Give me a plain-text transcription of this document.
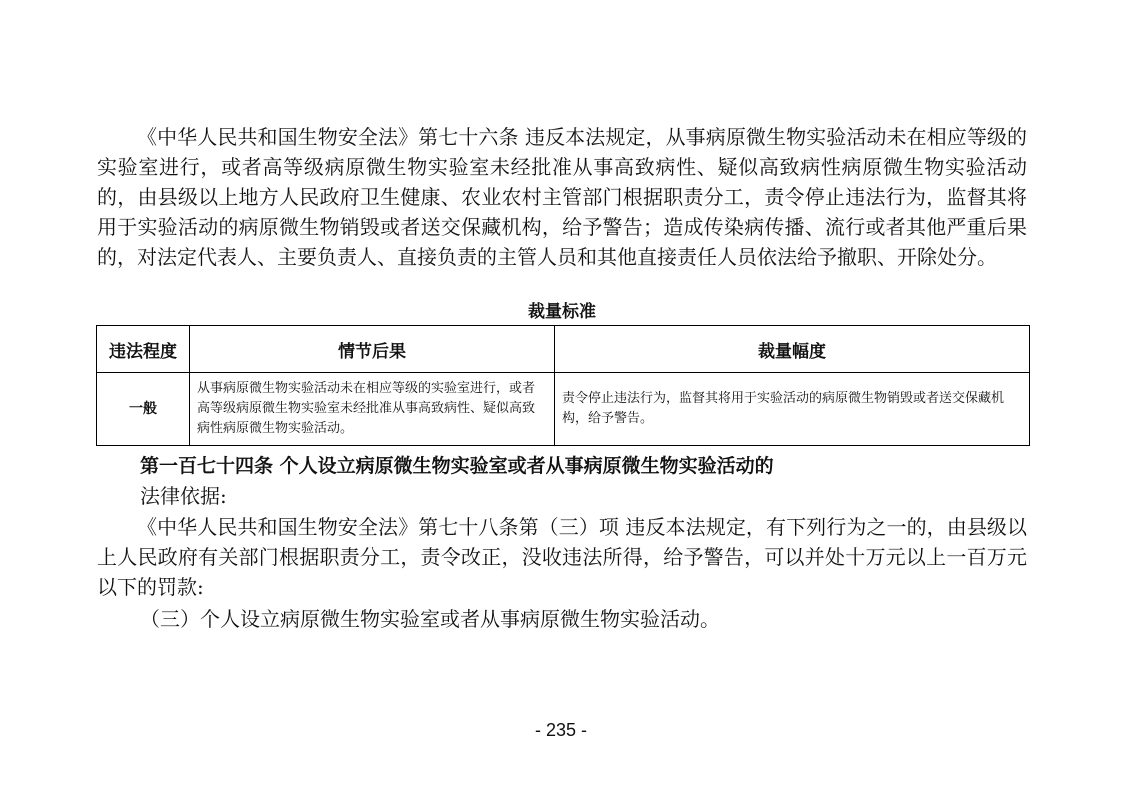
《中华人民共和国生物安全法》第七十六条 违反本法规定，从事病原微生物实验活动未在相应等级的实验室进行，或者高等级病原微生物实验室未经批准从事高致病性、疑似高致病性病原微生物实验活动的，由县级以上地方人民政府卫生健康、农业农村主管部门根据职责分工，责令停止违法行为，监督其将用于实验活动的病原微生物销毁或者送交保藏机构，给予警告；造成传染病传播、流行或者其他严重后果的，对法定代表人、主要负责人、直接负责的主管人员和其他直接责任人员依法给予撤职、开除处分。

裁量标准
违法程度	情节后果	裁量幅度
一般	从事病原微生物实验活动未在相应等级的实验室进行，或者高等级病原微生物实验室未经批准从事高致病性、疑似高致病性病原微生物实验活动。	责令停止违法行为，监督其将用于实验活动的病原微生物销毁或者送交保藏机构，给予警告。
第一百七十四条 个人设立病原微生物实验室或者从事病原微生物实验活动的

法律依据:

《中华人民共和国生物安全法》第七十八条第（三）项 违反本法规定，有下列行为之一的，由县级以上人民政府有关部门根据职责分工，责令改正，没收违法所得，给予警告，可以并处十万元以上一百万元以下的罚款:

（三）个人设立病原微生物实验室或者从事病原微生物实验活动。

- 235 -
